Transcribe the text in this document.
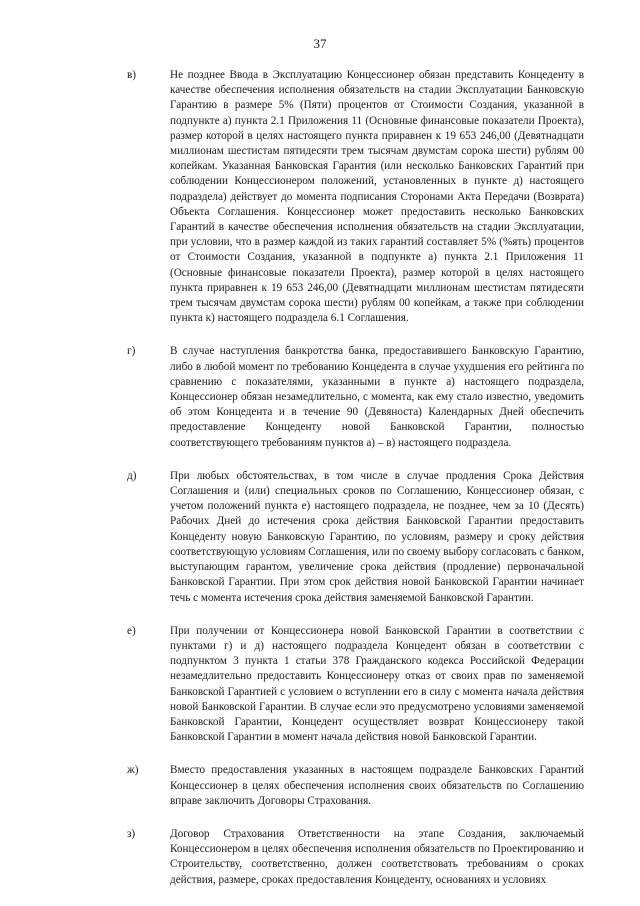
37
в)	Не позднее Ввода в Эксплуатацию Концессионер обязан представить Концеденту в качестве обеспечения исполнения обязательств на стадии Эксплуатации Банковскую Гарантию в размере 5% (Пяти) процентов от Стоимости Создания, указанной в подпункте а) пункта 2.1 Приложения 11 (Основные финансовые показатели Проекта), размер которой в целях настоящего пункта приравнен к 19 653 246,00 (Девятнадцати миллионам шестистам пятидесяти трем тысячам двумстам сорока шести) рублям 00 копейкам. Указанная Банковская Гарантия (или несколько Банковских Гарантий при соблюдении Концессионером положений, установленных в пункте д) настоящего подраздела) действует до момента подписания Сторонами Акта Передачи (Возврата) Объекта Соглашения. Концессионер может предоставить несколько Банковских Гарантий в качестве обеспечения исполнения обязательств на стадии Эксплуатации, при условии, что в размер каждой из таких гарантий составляет 5% (%ять) процентов от Стоимости Создания, указанной в подпункте а) пункта 2.1 Приложения 11 (Основные финансовые показатели Проекта), размер которой в целях настоящего пункта приравнен к 19 653 246,00 (Девятнадцати миллионам шестистам пятидесяти трем тысячам двумстам сорока шести) рублям 00 копейкам, а также при соблюдении пункта к) настоящего подраздела 6.1 Соглашения.
г)	В случае наступления банкротства банка, предоставившего Банковскую Гарантию, либо в любой момент по требованию Концедента в случае ухудшения его рейтинга по сравнению с показателями, указанными в пункте а) настоящего подраздела, Концессионер обязан незамедлительно, с момента, как ему стало известно, уведомить об этом Концедента и в течение 90 (Девяноста) Календарных Дней обеспечить предоставление Концеденту новой Банковской Гарантии, полностью соответствующего требованиям пунктов а) – в) настоящего подраздела.
д)	При любых обстоятельствах, в том числе в случае продления Срока Действия Соглашения и (или) специальных сроков по Соглашению, Концессионер обязан, с учетом положений пункта е) настоящего подраздела, не позднее, чем за 10 (Десять) Рабочих Дней до истечения срока действия Банковской Гарантии предоставить Концеденту новую Банковскую Гарантию, по условиям, размеру и сроку действия соответствующую условиям Соглашения, или по своему выбору согласовать с банком, выступающим гарантом, увеличение срока действия (продление) первоначальной Банковской Гарантии. При этом срок действия новой Банковской Гарантии начинает течь с момента истечения срока действия заменяемой Банковской Гарантии.
е)	При получении от Концессионера новой Банковской Гарантии в соответствии с пунктами г) и д) настоящего подраздела Концедент обязан в соответствии с подпунктом 3 пункта 1 статьи 378 Гражданского кодекса Российской Федерации незамедлительно предоставить Концессионеру отказ от своих прав по заменяемой Банковской Гарантией с условием о вступлении его в силу с момента начала действия новой Банковской Гарантии. В случае если это предусмотрено условиями заменяемой Банковской Гарантии, Концедент осуществляет возврат Концессионеру такой Банковской Гарантии в момент начала действия новой Банковской Гарантии.
ж)	Вместо предоставления указанных в настоящем подразделе Банковских Гарантий Концессионер в целях обеспечения исполнения своих обязательств по Соглашению вправе заключить Договоры Страхования.
з)	Договор Страхования Ответственности на этапе Создания, заключаемый Концессионером в целях обеспечения исполнения обязательств по Проектированию и Строительству, соответственно, должен соответствовать требованиям о сроках действия, размере, сроках предоставления Концеденту, основаниях и условиях
